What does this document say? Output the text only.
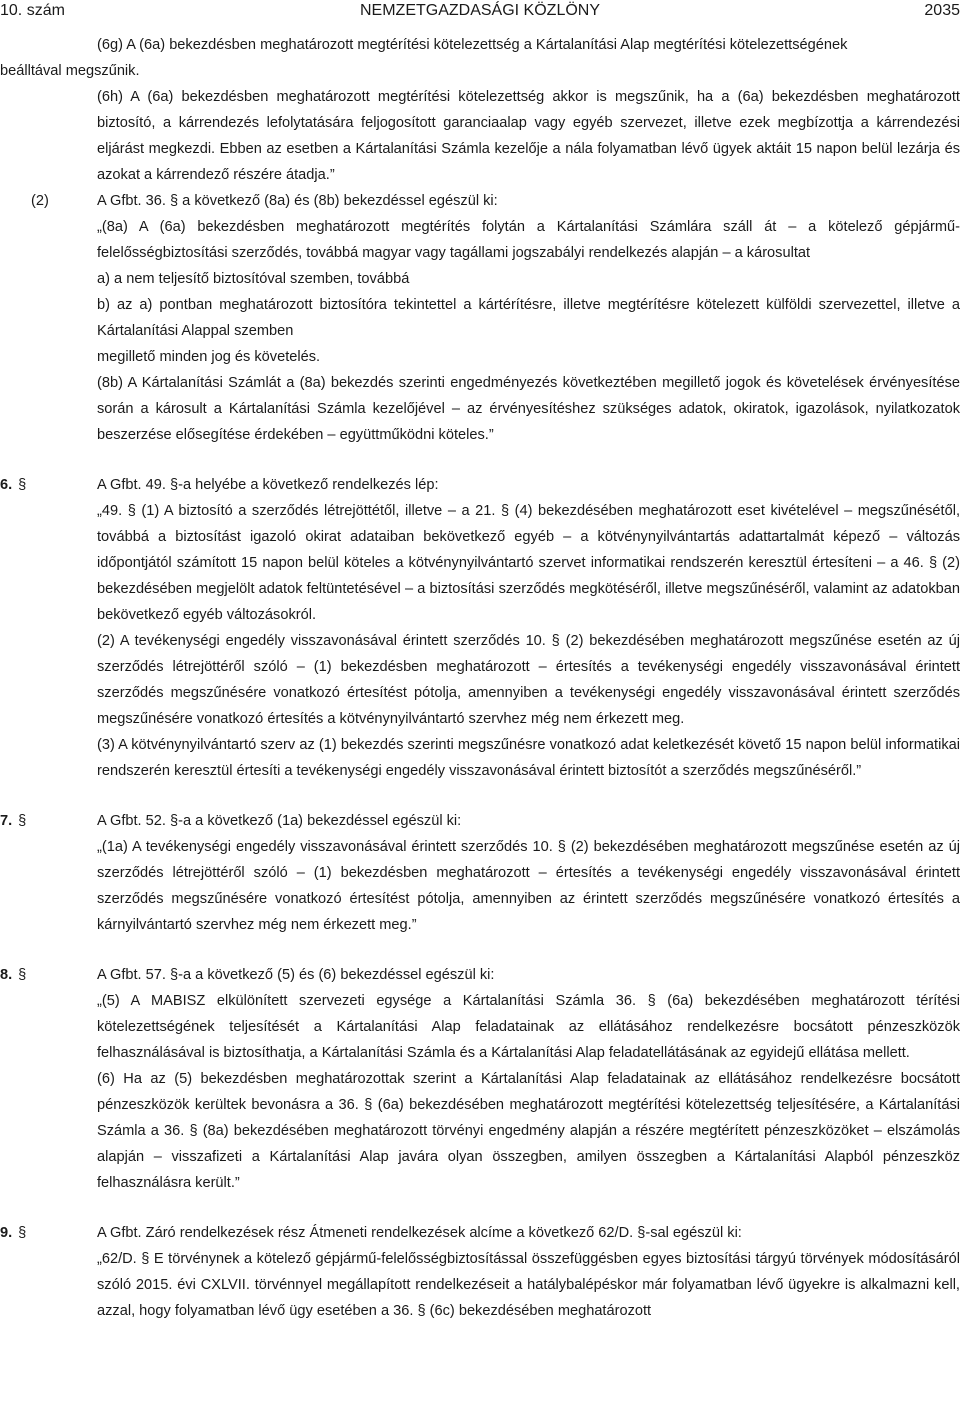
10. szám	NEMZETGAZDASÁGI KÖZLÖNY	2035

(6g) A (6a) bekezdésben meghatározott megtérítési kötelezettség a Kártalanítási Alap megtérítési kötelezettségének

beálltával megszűnik.

(6h) A (6a) bekezdésben meghatározott megtérítési kötelezettség akkor is megszűnik, ha a (6a) bekezdésben meghatározott biztosító, a kárrendezés lefolytatására feljogosított garanciaalap vagy egyéb szervezet, illetve ezek megbízottja a kárrendezési eljárást megkezdi. Ebben az esetben a Kártalanítási Számla kezelője a nála folyamatban lévő ügyek aktáit 15 napon belül lezárja és azokat a kárrendező részére átadja.”

(2)	A Gfbt. 36. § a következő (8a) és (8b) bekezdéssel egészül ki:

„(8a) A (6a) bekezdésben meghatározott megtérítés folytán a Kártalanítási Számlára száll át – a kötelező gépjármű-felelősségbiztosítási szerződés, továbbá magyar vagy tagállami jogszabályi rendelkezés alapján – a károsultat

a) a nem teljesítő biztosítóval szemben, továbbá

b) az a) pontban meghatározott biztosítóra tekintettel a kártérítésre, illetve megtérítésre kötelezett külföldi szervezettel, illetve a Kártalanítási Alappal szemben

megillető minden jog és követelés.

(8b) A Kártalanítási Számlát a (8a) bekezdés szerinti engedményezés következtében megillető jogok és követelések érvényesítése során a károsult a Kártalanítási Számla kezelőjével – az érvényesítéshez szükséges adatok, okiratok, igazolások, nyilatkozatok beszerzése elősegítése érdekében – együttműködni köteles.”

6. §	A Gfbt. 49. §-a helyébe a következő rendelkezés lép:

„49. § (1) A biztosító a szerződés létrejöttétől, illetve – a 21. § (4) bekezdésében meghatározott eset kivételével – megszűnésétől, továbbá a biztosítást igazoló okirat adataiban bekövetkező egyéb – a kötvénynyilvántartás adattartalmát képező – változás időpontjától számított 15 napon belül köteles a kötvénynyilvántartó szervet informatikai rendszerén keresztül értesíteni – a 46. § (2) bekezdésében megjelölt adatok feltüntetésével – a biztosítási szerződés megkötéséről, illetve megszűnéséről, valamint az adatokban bekövetkező egyéb változásokról.

(2) A tevékenységi engedély visszavonásával érintett szerződés 10. § (2) bekezdésében meghatározott megszűnése esetén az új szerződés létrejöttéről szóló – (1) bekezdésben meghatározott – értesítés a tevékenységi engedély visszavonásával érintett szerződés megszűnésére vonatkozó értesítést pótolja, amennyiben a tevékenységi engedély visszavonásával érintett szerződés megszűnésére vonatkozó értesítés a kötvénynyilvántartó szervhez még nem érkezett meg.

(3) A kötvénynyilvántartó szerv az (1) bekezdés szerinti megszűnésre vonatkozó adat keletkezését követő 15 napon belül informatikai rendszerén keresztül értesíti a tevékenységi engedély visszavonásával érintett biztosítót a szerződés megszűnéséről.”

7. §	A Gfbt. 52. §-a a következő (1a) bekezdéssel egészül ki:

„(1a) A tevékenységi engedély visszavonásával érintett szerződés 10. § (2) bekezdésében meghatározott megszűnése esetén az új szerződés létrejöttéről szóló – (1) bekezdésben meghatározott – értesítés a tevékenységi engedély visszavonásával érintett szerződés megszűnésére vonatkozó értesítést pótolja, amennyiben az érintett szerződés megszűnésére vonatkozó értesítés a kárnyilvántartó szervhez még nem érkezett meg.”

8. §	A Gfbt. 57. §-a a következő (5) és (6) bekezdéssel egészül ki:

„(5) A MABISZ elkülönített szervezeti egysége a Kártalanítási Számla 36. § (6a) bekezdésében meghatározott térítési kötelezettségének teljesítését a Kártalanítási Alap feladatainak az ellátásához rendelkezésre bocsátott pénzeszközök felhasználásával is biztosíthatja, a Kártalanítási Számla és a Kártalanítási Alap feladatellátásának az egyidejű ellátása mellett.

(6) Ha az (5) bekezdésben meghatározottak szerint a Kártalanítási Alap feladatainak az ellátásához rendelkezésre bocsátott pénzeszközök kerültek bevonásra a 36. § (6a) bekezdésében meghatározott megtérítési kötelezettség teljesítésére, a Kártalanítási Számla a 36. § (8a) bekezdésében meghatározott törvényi engedmény alapján a részére megtérített pénzeszközöket – elszámolás alapján – visszafizeti a Kártalanítási Alap javára olyan összegben, amilyen összegben a Kártalanítási Alapból pénzeszköz felhasználásra került.”

9. §	A Gfbt. Záró rendelkezések rész Átmeneti rendelkezések alcíme a következő 62/D. §-sal egészül ki:

„62/D. § E törvénynek a kötelező gépjármű-felelősségbiztosítással összefüggésben egyes biztosítási tárgyú törvények módosításáról szóló 2015. évi CXLVII. törvénnyel megállapított rendelkezéseit a hatálybalépéskor már folyamatban lévő ügyekre is alkalmazni kell, azzal, hogy folyamatban lévő ügy esetében a 36. § (6c) bekezdésében meghatározott
